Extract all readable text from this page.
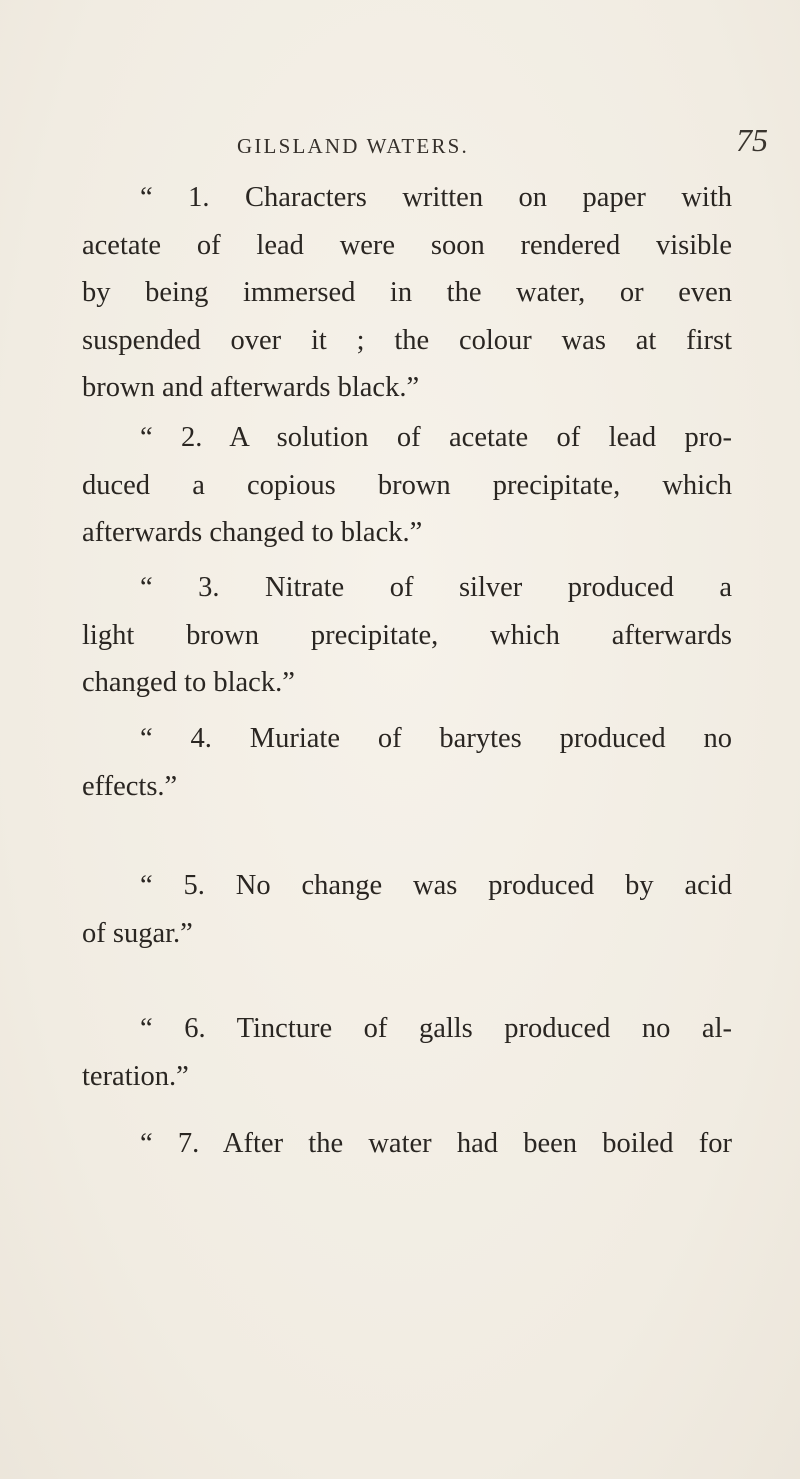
GILSLAND WATERS.	75
“ 1. Characters written on paper with
acetate of lead were soon rendered visible
by being immersed in the water, or even
suspended over it ; the colour was at first
brown and afterwards black.”
“ 2. A solution of acetate of lead pro-
duced a copious brown precipitate, which
afterwards changed to black.”
“ 3. Nitrate of silver produced a
light brown precipitate, which afterwards
changed to black.”
“ 4. Muriate of barytes produced no
effects.”
“ 5. No change was produced by acid
of sugar.”
“ 6. Tincture of galls produced no al-
teration.”
“ 7. After the water had been boiled for
